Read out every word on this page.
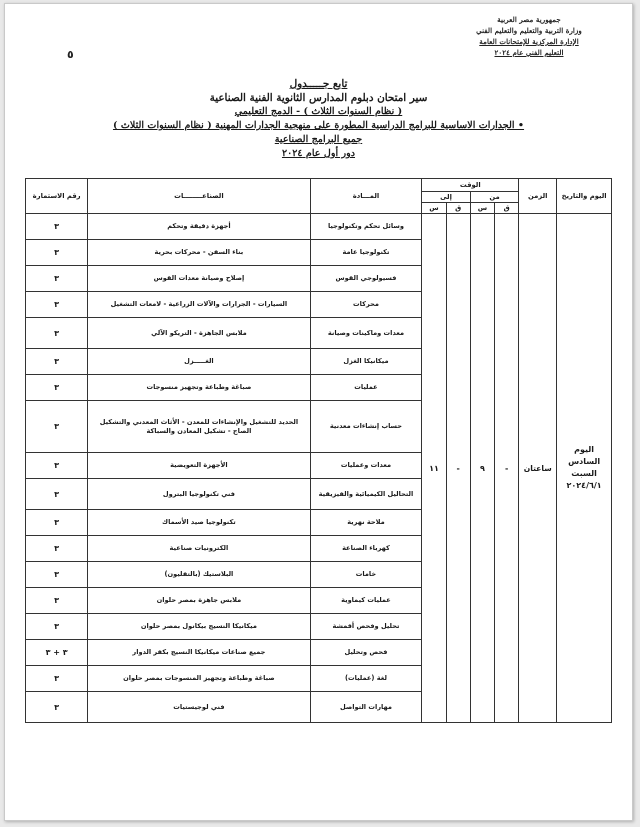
جمهورية مصر العربية
وزارة التربية والتعليم والتعليم الفني
الإدارة المركزية للإمتحانات العامة
التعليم الفني عام ٢٠٢٤
٥
تابع جـــــدول
سير امتحان دبلوم المدارس الثانوية الفنية الصناعية
( نظام السنوات الثلاث ) - الدمج التعليمي
• الجدارات الاساسية للبرامج الدراسية المطورة على منهجية الجدارات المهنية ( نظام السنوات الثلاث )
جميع البرامج الصناعية
دور أول عام ٢٠٢٤
اليوم والتاريخ	الزمن	الوقت				المـــادة	الصناعــــــــات	رقم الاستمارة
		من		إلى				
		ق	س	ق	س			
اليوم
السادس
السبت
٢٠٢٤/٦/١	ساعتان	-	٩	-	١١	وسائل تحكم وتكنولوجيا	أجهزة دقيقة وتحكم	٣
						تكنولوجيا عامة	بناء السفن - محركات بحرية	٣
						فسيولوجي القوس	إصلاح وصيانة معدات القوس	٣
						محركات	السيارات - الجرارات والآلات الزراعية - لامعات التشغيل	٣
						معدات وماكينات وصيانة	ملابس الجاهزة - التريكو الآلي	٣
						ميكانيكا الغزل	الغـــــزل	٣
						عمليات	صباغة وطباعة وتجهيز منسوجات	٣
						حساب إنشاءات معدنية	الحديد للتشغيل والإنشاءات للمعدن - الأثاث المعدني والتشكيل الصاج - تشكيل المعادن والسباكة	٣
						معدات وعمليات	الأجهزة التعويضية	٣
						التحاليل الكيميائية والفيزيقية	فني تكنولوجيا البترول	٣
						ملاحة نهرية	تكنولوجيا صيد الأسماك	٣
						كهرباء الصناعة	الكترونيات صناعية	٣
						خامات	البلاستيك (بالتفليون)	٣
						عمليات كيماوية	ملابس جاهزة بمصر حلوان	٣
						تحليل وفحص أقمشة	ميكانيكا النسيج بيكانول بمصر حلوان	٣
						فحص وتحليل	جميع صناعات ميكانيكا النسيج بكفر الدوار	٣ + ٣
						لغة (عمليات)	صباغة وطباعة وتجهيز المنسوجات بمصر حلوان	٣
						مهارات التواصل	فني لوجيستيات	٣
